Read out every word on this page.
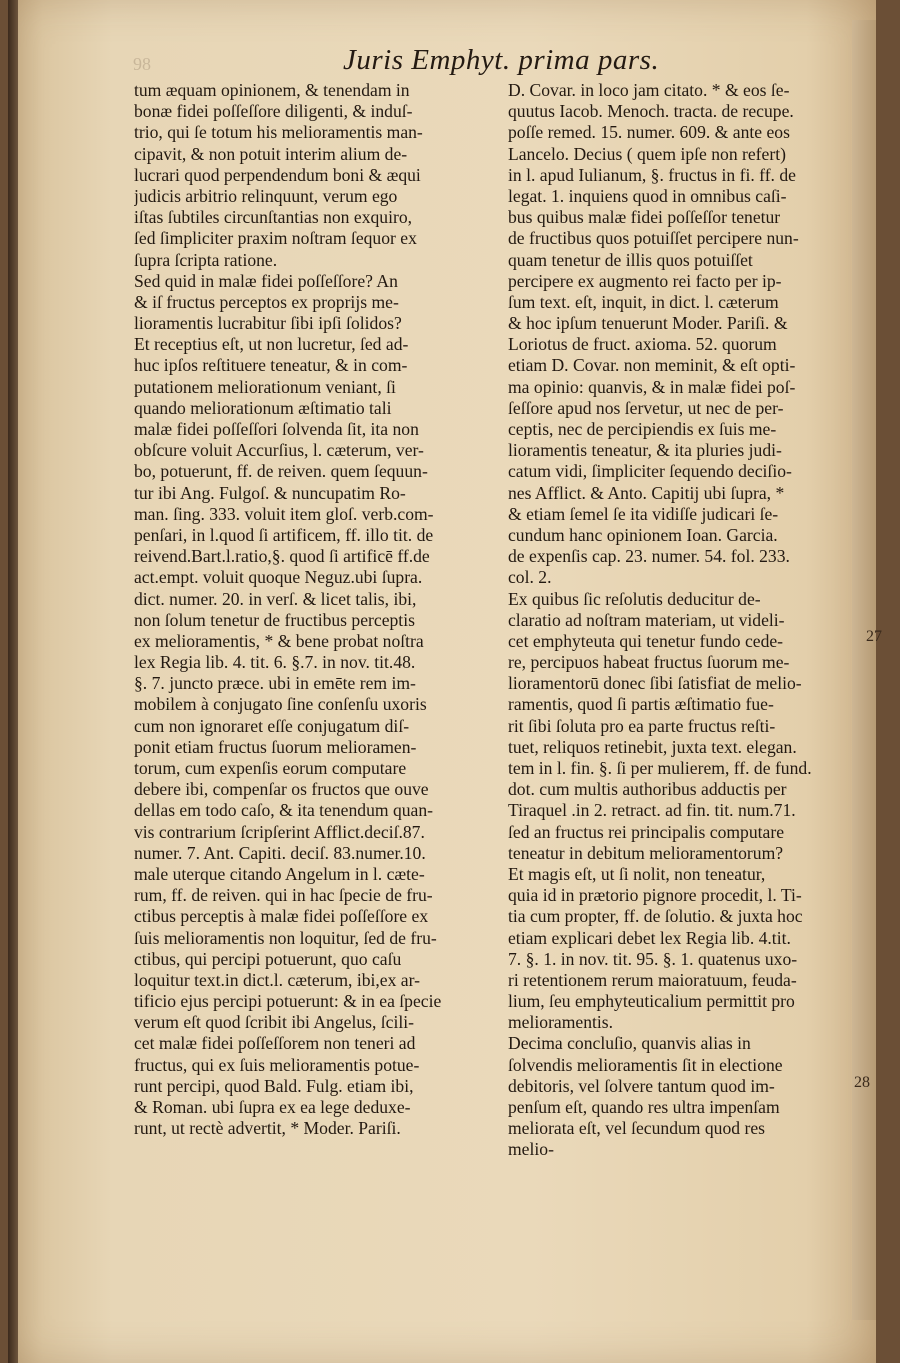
98	Juris Emphyt. prima pars.
tum æquam opinionem, & tenendam in
bonæ fidei poſſeſſore diligenti, & induſ-
trio, qui ſe totum his melioramentis man-
cipavit, & non potuit interim alium de-
lucrari quod perpendendum boni & æqui
judicis arbitrio relinquunt, verum ego
iſtas ſubtiles circunſtantias non exquiro,
ſed ſimpliciter praxim noſtram ſequor ex
ſupra ſcripta ratione.
Sed quid in malæ fidei poſſeſſore? An
& iſ fructus perceptos ex proprijs me-
lioramentis lucrabitur ſibi ipſi ſolidos?
Et receptius eſt, ut non lucretur, ſed ad-
huc ipſos reſtituere teneatur, & in com-
putationem meliorationum veniant, ſi
quando meliorationum æſtimatio tali
malæ fidei poſſeſſori ſolvenda ſit, ita non
obſcure voluit Accurſius, l. cæterum, ver-
bo, potuerunt, ff. de reiven. quem ſequun-
tur ibi Ang. Fulgoſ. & nuncupatim Ro-
man. ſing. 333. voluit item gloſ. verb.com-
penſari, in l.quod ſi artificem, ff. illo tit. de
reivend.Bart.l.ratio,§. quod ſi artificē ff.de
act.empt. voluit quoque Neguz.ubi ſupra.
dict. numer. 20. in verſ. & licet talis, ibi,
non ſolum tenetur de fructibus perceptis
ex melioramentis, * & bene probat noſtra
lex Regia lib. 4. tit. 6. §.7. in nov. tit.48.
§. 7. juncto præce. ubi in emēte rem im-
mobilem à conjugato ſine conſenſu uxoris
cum non ignoraret eſſe conjugatum diſ-
ponit etiam fructus ſuorum melioramen-
torum, cum expenſis eorum computare
debere ibi, compenſar os fructos que ouve
dellas em todo caſo, & ita tenendum quan-
vis contrarium ſcripſerint Afflict.deciſ.87.
numer. 7. Ant. Capiti. deciſ. 83.numer.10.
male uterque citando Angelum in l. cæte-
rum, ff. de reiven. qui in hac ſpecie de fru-
ctibus perceptis à malæ fidei poſſeſſore ex
ſuis melioramentis non loquitur, ſed de fru-
ctibus, qui percipi potuerunt, quo caſu
loquitur text.in dict.l. cæterum, ibi,ex ar-
tificio ejus percipi potuerunt: & in ea ſpecie
verum eſt quod ſcribit ibi Angelus, ſcili-
cet malæ fidei poſſeſſorem non teneri ad
fructus, qui ex ſuis melioramentis potue-
runt percipi, quod Bald. Fulg. etiam ibi,
& Roman. ubi ſupra ex ea lege deduxe-
runt, ut rectè advertit, * Moder. Pariſi.
D. Covar. in loco jam citato. * & eos ſe-
quutus Iacob. Menoch. tracta. de recupe.
poſſe remed. 15. numer. 609. & ante eos
Lancelo. Decius ( quem ipſe non refert)
in l. apud Iulianum, §. fructus in fi. ff. de
legat. 1. inquiens quod in omnibus caſi-
bus quibus malæ fidei poſſeſſor tenetur
de fructibus quos potuiſſet percipere nun-
quam tenetur de illis quos potuiſſet
percipere ex augmento rei facto per ip-
ſum text. eſt, inquit, in dict. l. cæterum
& hoc ipſum tenuerunt Moder. Pariſi. &
Loriotus de fruct. axioma. 52. quorum
etiam D. Covar. non meminit, & eſt opti-
ma opinio: quanvis, & in malæ fidei poſ-
ſeſſore apud nos ſervetur, ut nec de per-
ceptis, nec de percipiendis ex ſuis me-
lioramentis teneatur, & ita pluries judi-
catum vidi, ſimpliciter ſequendo deciſio-
nes Afflict. & Anto. Capitij ubi ſupra, *
& etiam ſemel ſe ita vidiſſe judicari ſe-
cundum hanc opinionem Ioan. Garcia.
de expenſis cap. 23. numer. 54. fol. 233.
col. 2.
Ex quibus ſic reſolutis deducitur de-
claratio ad noſtram materiam, ut videli-
cet emphyteuta qui tenetur fundo cede-
re, percipuos habeat fructus ſuorum me-
lioramentorū donec ſibi ſatisfiat de melio-
ramentis, quod ſi partis æſtimatio fue-
rit ſibi ſoluta pro ea parte fructus reſti-
tuet, reliquos retinebit, juxta text. elegan.
tem in l. fin. §. ſi per mulierem, ff. de fund.
dot. cum multis authoribus adductis per
Tiraquel .in 2. retract. ad fin. tit. num.71.
ſed an fructus rei principalis computare
teneatur in debitum melioramentorum?
Et magis eſt, ut ſi nolit, non teneatur,
quia id in prætorio pignore procedit, l. Ti-
tia cum propter, ff. de ſolutio. & juxta hoc
etiam explicari debet lex Regia lib. 4.tit.
7. §. 1. in nov. tit. 95. §. 1. quatenus uxo-
ri retentionem rerum maioratuum, feuda-
lium, ſeu emphyteuticalium permittit pro
melioramentis.
Decima concluſio, quanvis alias in
ſolvendis melioramentis ſit in electione
debitoris, vel ſolvere tantum quod im-
penſum eſt, quando res ultra impenſam
meliorata eſt, vel ſecundum quod res
melio-
27
28
